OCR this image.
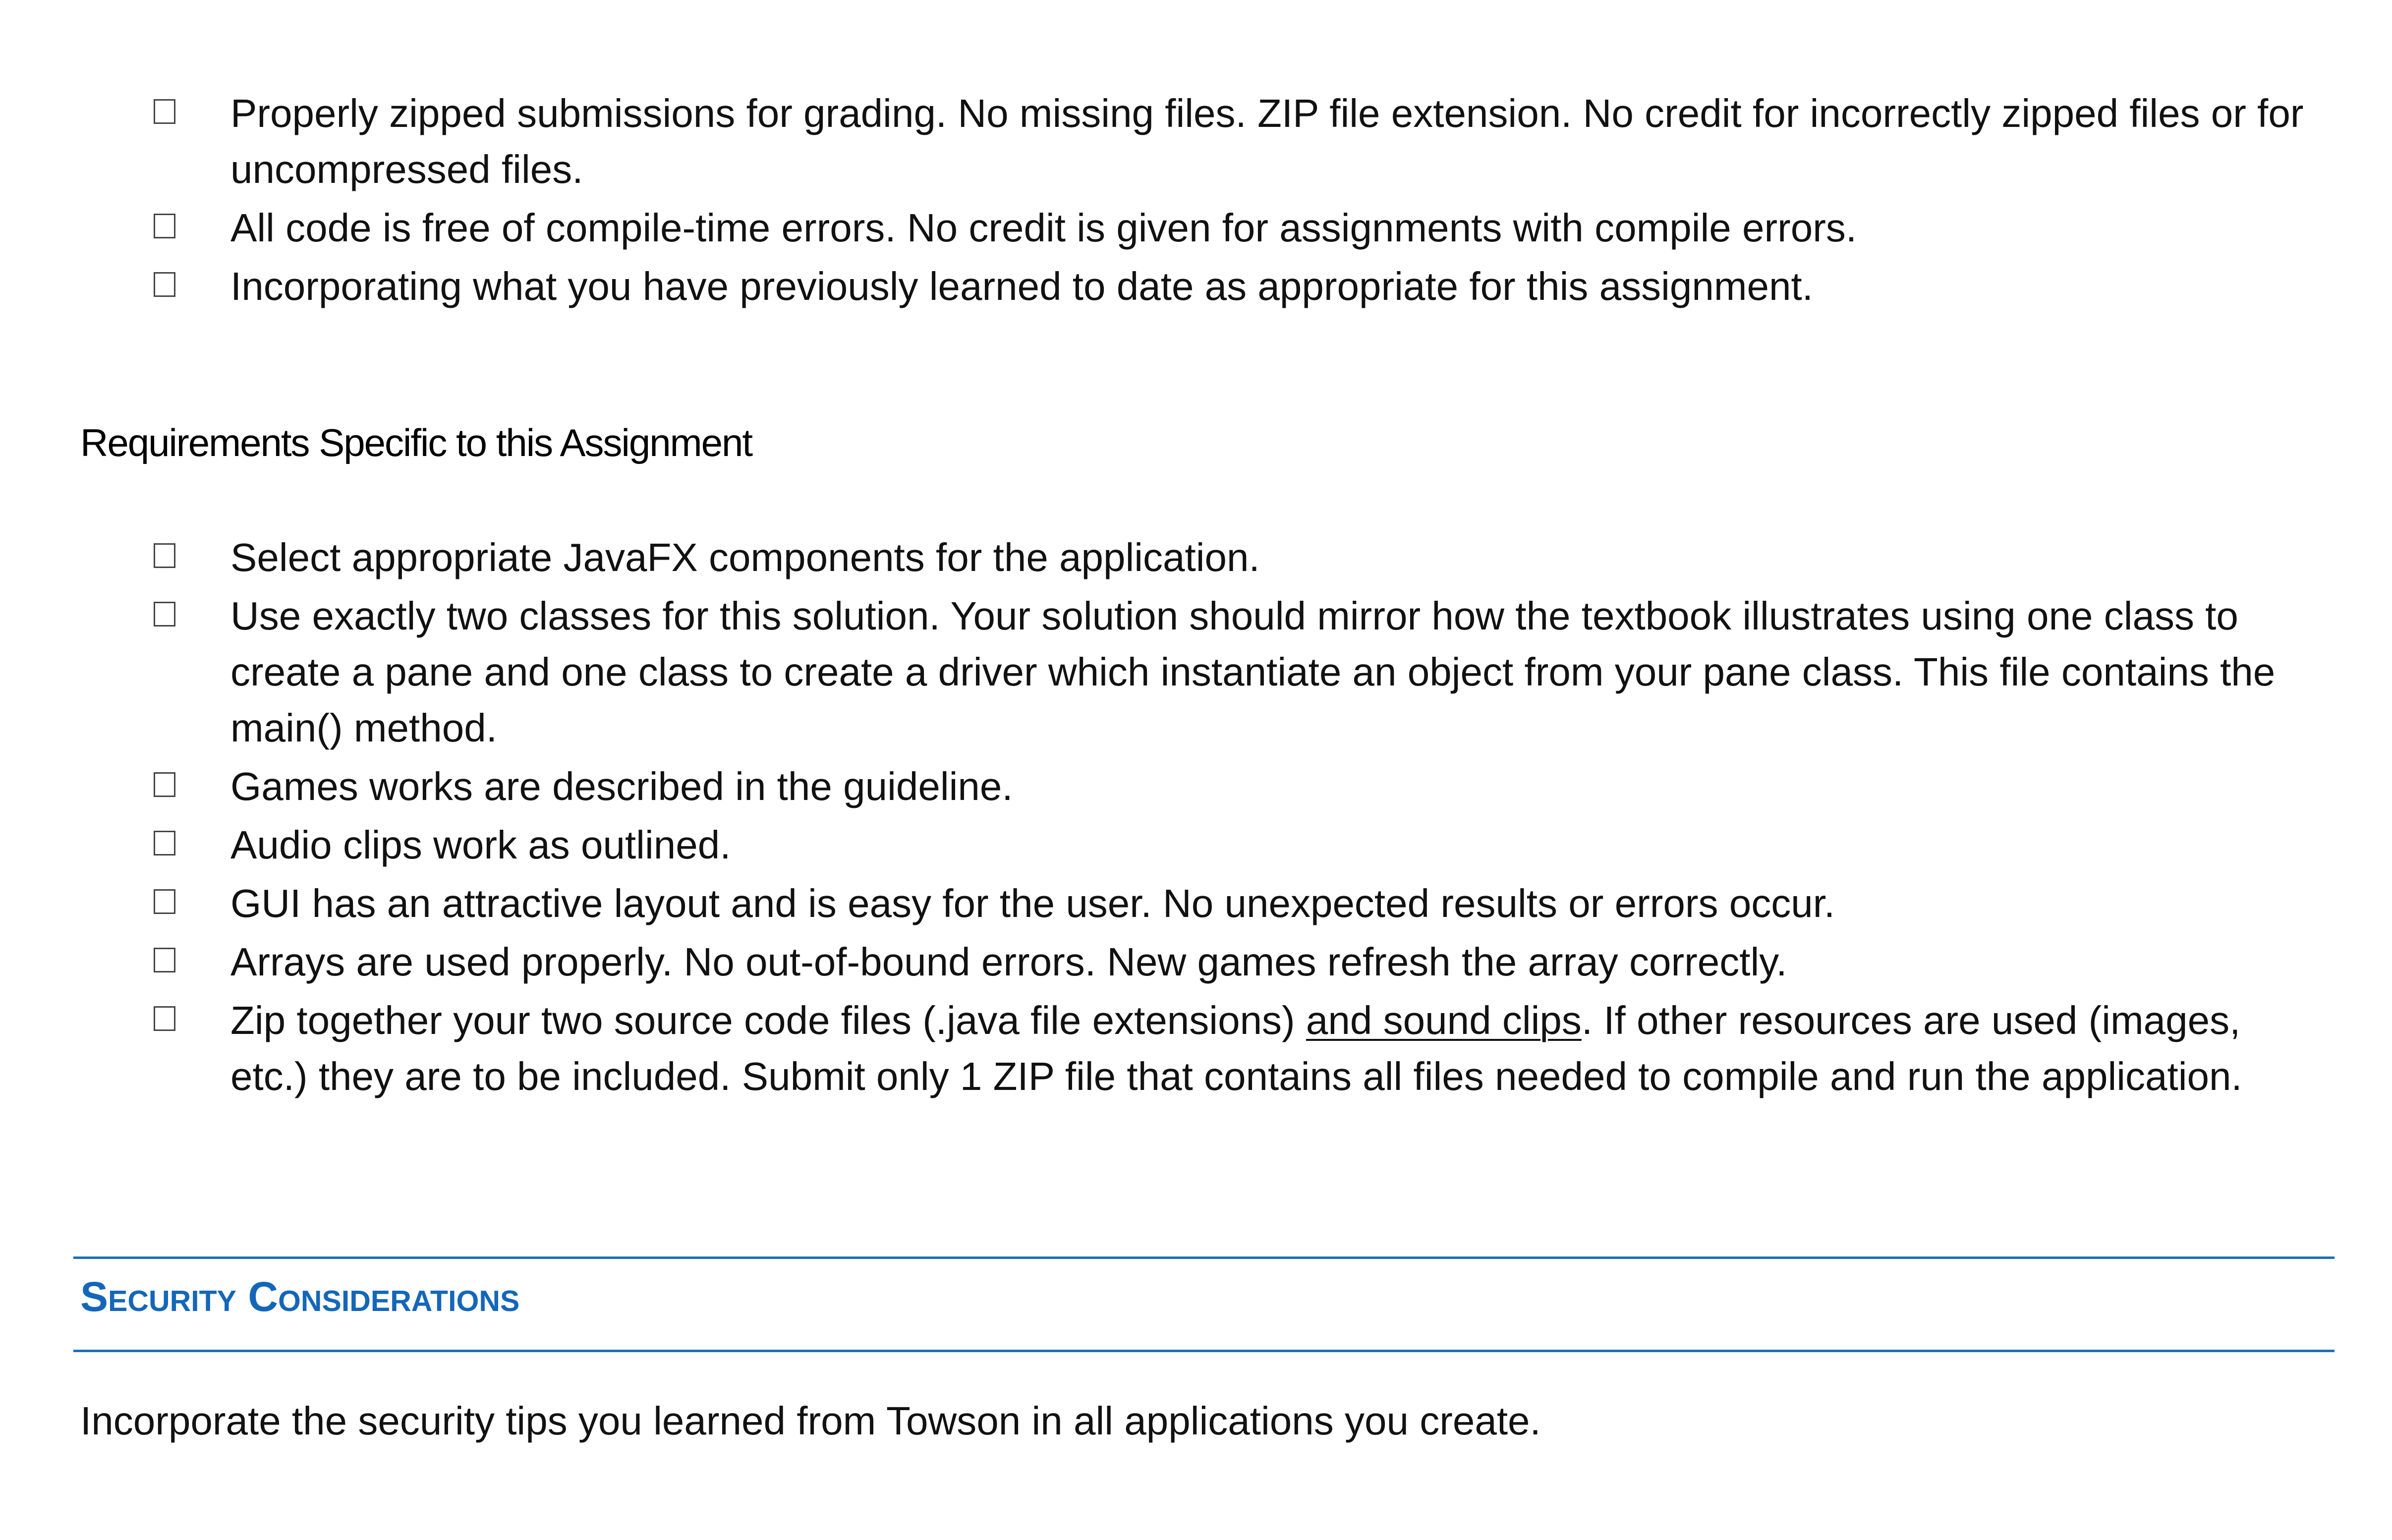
Properly zipped submissions for grading. No missing files. ZIP file extension. No credit for incorrectly zipped files or for uncompressed files.
All code is free of compile-time errors. No credit is given for assignments with compile errors.
Incorporating what you have previously learned to date as appropriate for this assignment.
Requirements Specific to this Assignment
Select appropriate JavaFX components for the application.
Use exactly two classes for this solution. Your solution should mirror how the textbook illustrates using one class to create a pane and one class to create a driver which instantiate an object from your pane class. This file contains the main() method.
Games works are described in the guideline.
Audio clips work as outlined.
GUI has an attractive layout and is easy for the user. No unexpected results or errors occur.
Arrays are used properly. No out-of-bound errors. New games refresh the array correctly.
Zip together your two source code files (.java file extensions) and sound clips. If other resources are used (images, etc.) they are to be included. Submit only 1 ZIP file that contains all files needed to compile and run the application.
Security Considerations

Incorporate the security tips you learned from Towson in all applications you create.
